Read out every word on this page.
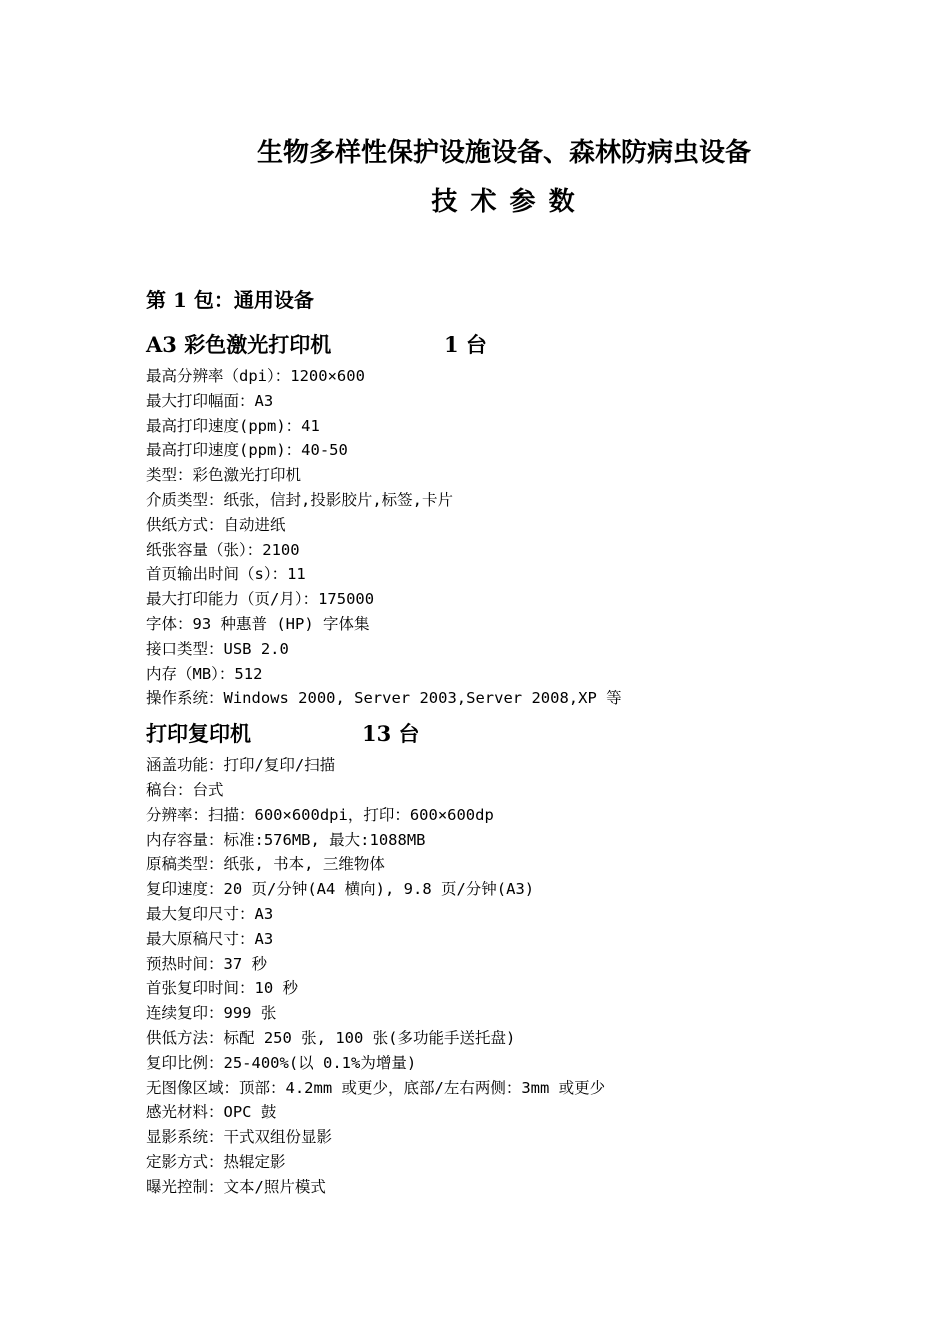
生物多样性保护设施设备、森林防病虫设备
技 术 参 数
第 1 包：通用设备
A3 彩色激光打印机	1 台
最高分辨率（dpi）：1200×600
最大打印幅面：A3
最高打印速度(ppm)：41
最高打印速度(ppm)：40-50
类型：彩色激光打印机
介质类型：纸张，信封,投影胶片,标签,卡片
供纸方式：自动进纸
纸张容量（张）：2100
首页输出时间（s）：11
最大打印能力（页/月）：175000
字体：93 种惠普 (HP) 字体集
接口类型：USB 2.0
内存（MB）：512
操作系统：Windows 2000, Server 2003,Server 2008,XP 等
打印复印机	13 台
涵盖功能：打印/复印/扫描
稿台：台式
分辨率：扫描：600×600dpi，打印：600×600dp
内存容量：标准:576MB, 最大:1088MB
原稿类型：纸张, 书本, 三维物体
复印速度：20 页/分钟(A4 横向), 9.8 页/分钟(A3)
最大复印尺寸：A3
最大原稿尺寸：A3
预热时间：37 秒
首张复印时间：10 秒
连续复印：999 张
供低方法：标配 250 张, 100 张(多功能手送托盘)
复印比例：25-400%(以 0.1%为增量)
无图像区域：顶部：4.2mm 或更少，底部/左右两侧：3mm 或更少
感光材料：OPC 鼓
显影系统：干式双组份显影
定影方式：热辊定影
曝光控制：文本/照片模式
